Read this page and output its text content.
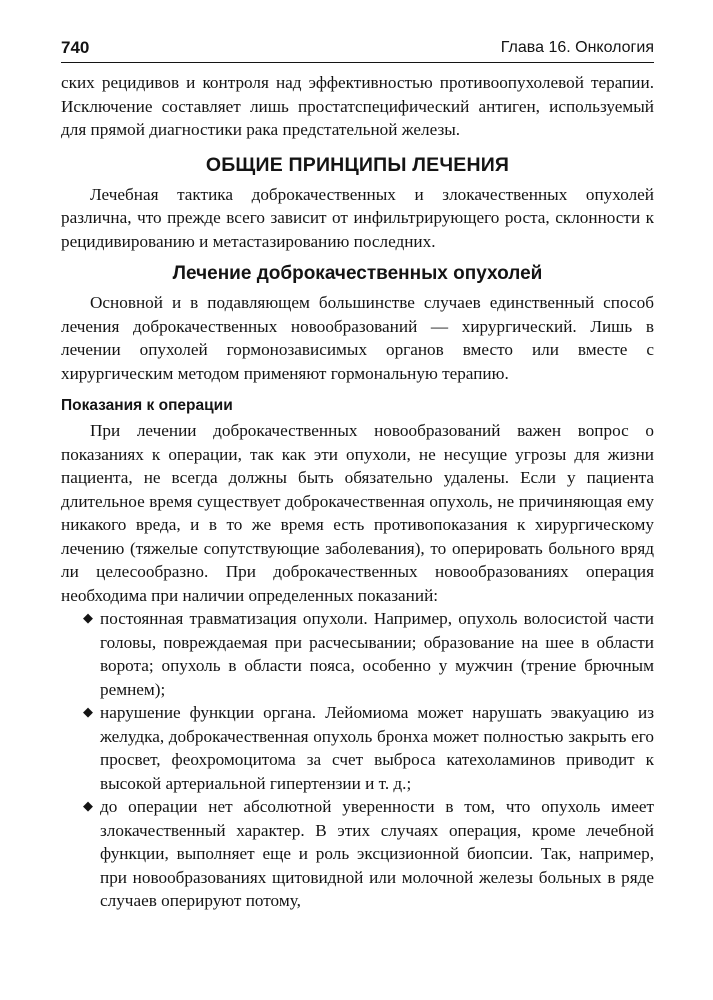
740	Глава 16. Онкология

ских рецидивов и контроля над эффективностью противоопухолевой терапии. Исключение составляет лишь простатспецифический антиген, используемый для прямой диагностики рака предстательной железы.

ОБЩИЕ ПРИНЦИПЫ ЛЕЧЕНИЯ

Лечебная тактика доброкачественных и злокачественных опухолей различна, что прежде всего зависит от инфильтрирующего роста, склонности к рецидивированию и метастазированию последних.

Лечение доброкачественных опухолей

Основной и в подавляющем большинстве случаев единственный способ лечения доброкачественных новообразований — хирургический. Лишь в лечении опухолей гормонозависимых органов вместо или вместе с хирургическим методом применяют гормональную терапию.

Показания к операции

При лечении доброкачественных новообразований важен вопрос о показаниях к операции, так как эти опухоли, не несущие угрозы для жизни пациента, не всегда должны быть обязательно удалены. Если у пациента длительное время существует доброкачественная опухоль, не причиняющая ему никакого вреда, и в то же время есть противопоказания к хирургическому лечению (тяжелые сопутствующие заболевания), то оперировать больного вряд ли целесообразно. При доброкачественных новообразованиях операция необходима при наличии определенных показаний:

◆ постоянная травматизация опухоли. Например, опухоль волосистой части головы, повреждаемая при расчесывании; образование на шее в области ворота; опухоль в области пояса, особенно у мужчин (трение брючным ремнем);
◆ нарушение функции органа. Лейомиома может нарушать эвакуацию из желудка, доброкачественная опухоль бронха может полностью закрыть его просвет, феохромоцитома за счет выброса катехоламинов приводит к высокой артериальной гипертензии и т. д.;
◆ до операции нет абсолютной уверенности в том, что опухоль имеет злокачественный характер. В этих случаях операция, кроме лечебной функции, выполняет еще и роль эксцизионной биопсии. Так, например, при новообразованиях щитовидной или молочной железы больных в ряде случаев оперируют потому,
